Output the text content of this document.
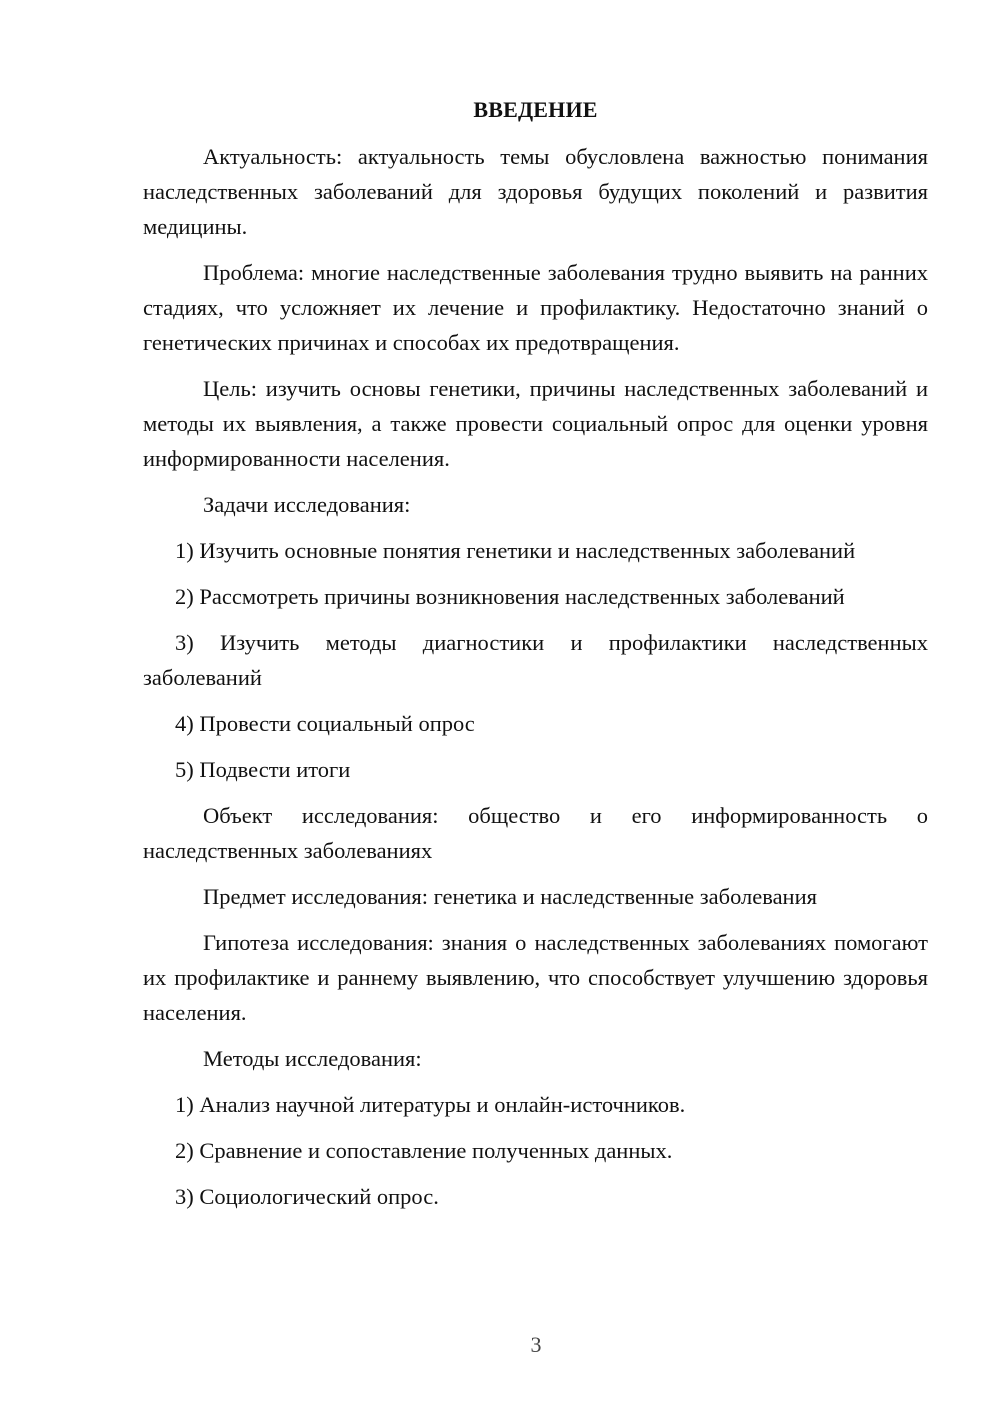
ВВЕДЕНИЕ

Актуальность: актуальность темы обусловлена важностью понимания наследственных заболеваний для здоровья будущих поколений и развития медицины.

Проблема: многие наследственные заболевания трудно выявить на ранних стадиях, что усложняет их лечение и профилактику. Недостаточно знаний о генетических причинах и способах их предотвращения.

Цель: изучить основы генетики, причины наследственных заболеваний и методы их выявления, а также провести социальный опрос для оценки уровня информированности населения.

Задачи исследования:

1) Изучить основные понятия генетики и наследственных заболеваний

2) Рассмотреть причины возникновения наследственных заболеваний

3) Изучить методы диагностики и профилактики наследственных заболеваний

4) Провести социальный опрос

5) Подвести итоги

Объект исследования: общество и его информированность о наследственных заболеваниях

Предмет исследования: генетика и наследственные заболевания

Гипотеза исследования: знания о наследственных заболеваниях помогают их профилактике и раннему выявлению, что способствует улучшению здоровья населения.

Методы исследования:

1) Анализ научной литературы и онлайн-источников.

2) Сравнение и сопоставление полученных данных.

3) Социологический опрос.

3
